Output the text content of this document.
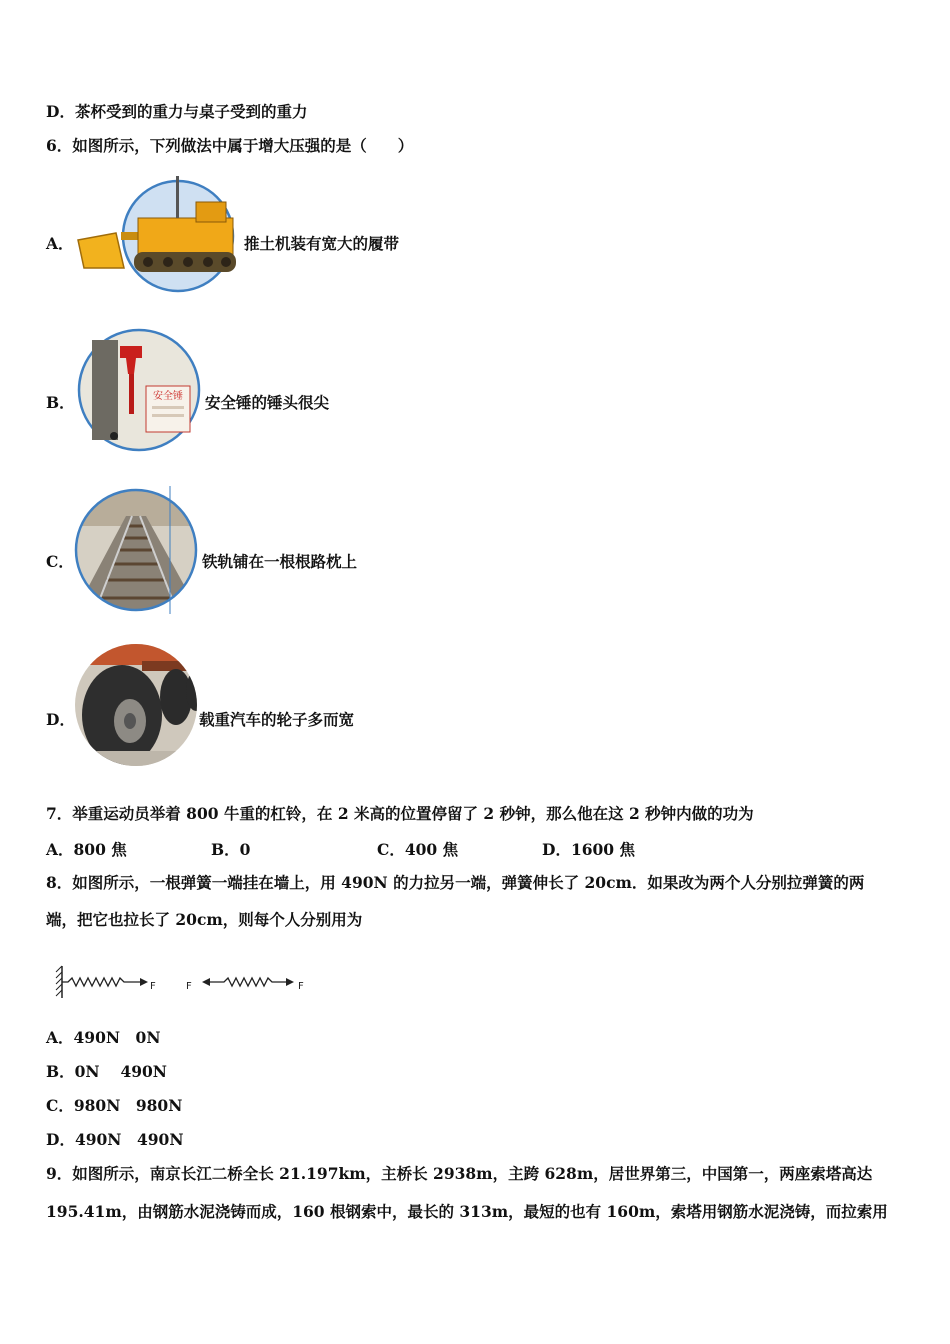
D．茶杯受到的重力与桌子受到的重力
6．如图所示，下列做法中属于增大压强的是（　　）
A．	推土机装有宽大的履带
B．	安全锤 安全锤的锤头很尖
C．	铁轨铺在一根根路枕上
D．	载重汽车的轮子多而宽
7．举重运动员举着 800 牛重的杠铃，在 2 米高的位置停留了 2 秒钟，那么他在这 2 秒钟内做的功为
A．800 焦	B．0	C．400 焦	D．1600 焦
8．如图所示，一根弹簧一端挂在墙上，用 490N 的力拉另一端，弹簧伸长了 20cm．如果改为两个人分别拉弹簧的两
端，把它也拉长了 20cm，则每个人分别用为
F	F	F
A．490N　0N
B．0N　 490N
C．980N　980N
D．490N　490N
9．如图所示，南京长江二桥全长 21.197km，主桥长 2938m，主跨 628m，居世界第三，中国第一，两座索塔高达
195.41m，由钢筋水泥浇铸而成，160 根钢索中，最长的 313m，最短的也有 160m，索塔用钢筋水泥浇铸，而拉索用
